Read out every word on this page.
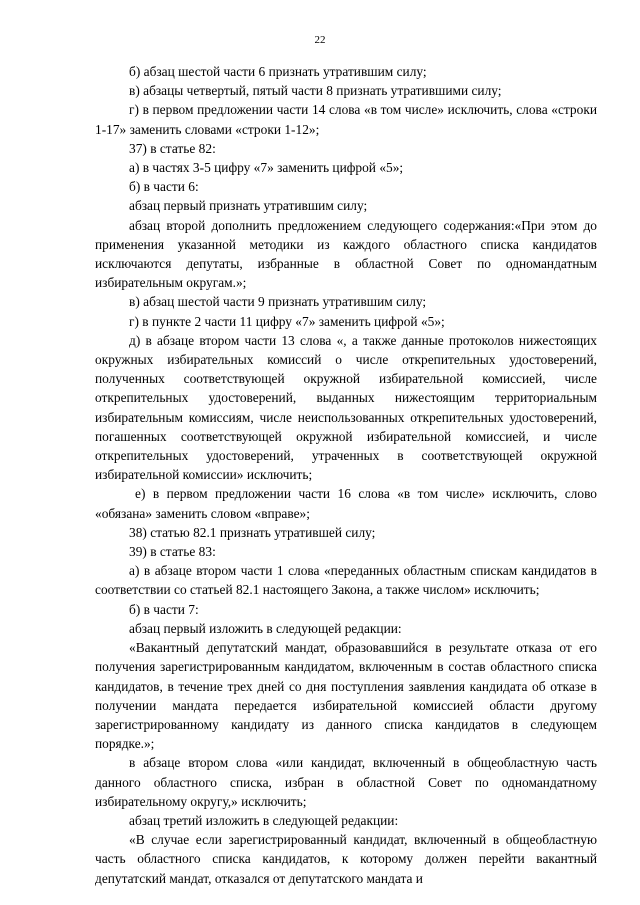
22

б) абзац шестой части 6 признать утратившим силу;

в) абзацы четвертый, пятый части 8 признать утратившими силу;

г) в первом предложении части 14 слова «в том числе» исключить, слова «строки 1-17» заменить словами «строки 1-12»;

37) в статье 82:

а) в частях 3-5 цифру «7» заменить цифрой «5»;

б) в части 6:

абзац первый признать утратившим силу;

абзац второй дополнить предложением следующего содержания:«При этом до применения указанной методики из каждого областного списка кандидатов исключаются депутаты, избранные в областной Совет по одномандатным избирательным округам.»;

в) абзац шестой части 9 признать утратившим силу;

г) в пункте 2 части 11 цифру «7» заменить цифрой «5»;

д) в абзаце втором части 13 слова «, а также данные протоколов нижестоящих окружных избирательных комиссий о числе открепительных удостоверений, полученных соответствующей окружной избирательной комиссией, числе открепительных удостоверений, выданных нижестоящим территориальным избирательным комиссиям, числе неиспользованных открепительных удостоверений, погашенных соответствующей окружной избирательной комиссией, и числе открепительных удостоверений, утраченных в соответствующей окружной избирательной комиссии» исключить;

е) в первом предложении части 16 слова «в том числе» исключить, слово «обязана» заменить словом «вправе»;

38) статью 82.1 признать утратившей силу;

39) в статье 83:

а) в абзаце втором части 1 слова «переданных областным спискам кандидатов в соответствии со статьей 82.1 настоящего Закона, а также числом» исключить;

б) в части 7:

абзац первый изложить в следующей редакции:

«Вакантный депутатский мандат, образовавшийся в результате отказа от его получения зарегистрированным кандидатом, включенным в состав областного списка кандидатов, в течение трех дней со дня поступления заявления кандидата об отказе в получении мандата передается избирательной комиссией области другому зарегистрированному кандидату из данного списка кандидатов в следующем порядке.»;

в абзаце втором слова «или кандидат, включенный в общеобластную часть данного областного списка, избран в областной Совет по одномандатному избирательному округу,» исключить;

абзац третий изложить в следующей редакции:

«В случае если зарегистрированный кандидат, включенный в общеобластную часть областного списка кандидатов, к которому должен перейти вакантный депутатский мандат, отказался от депутатского мандата и
